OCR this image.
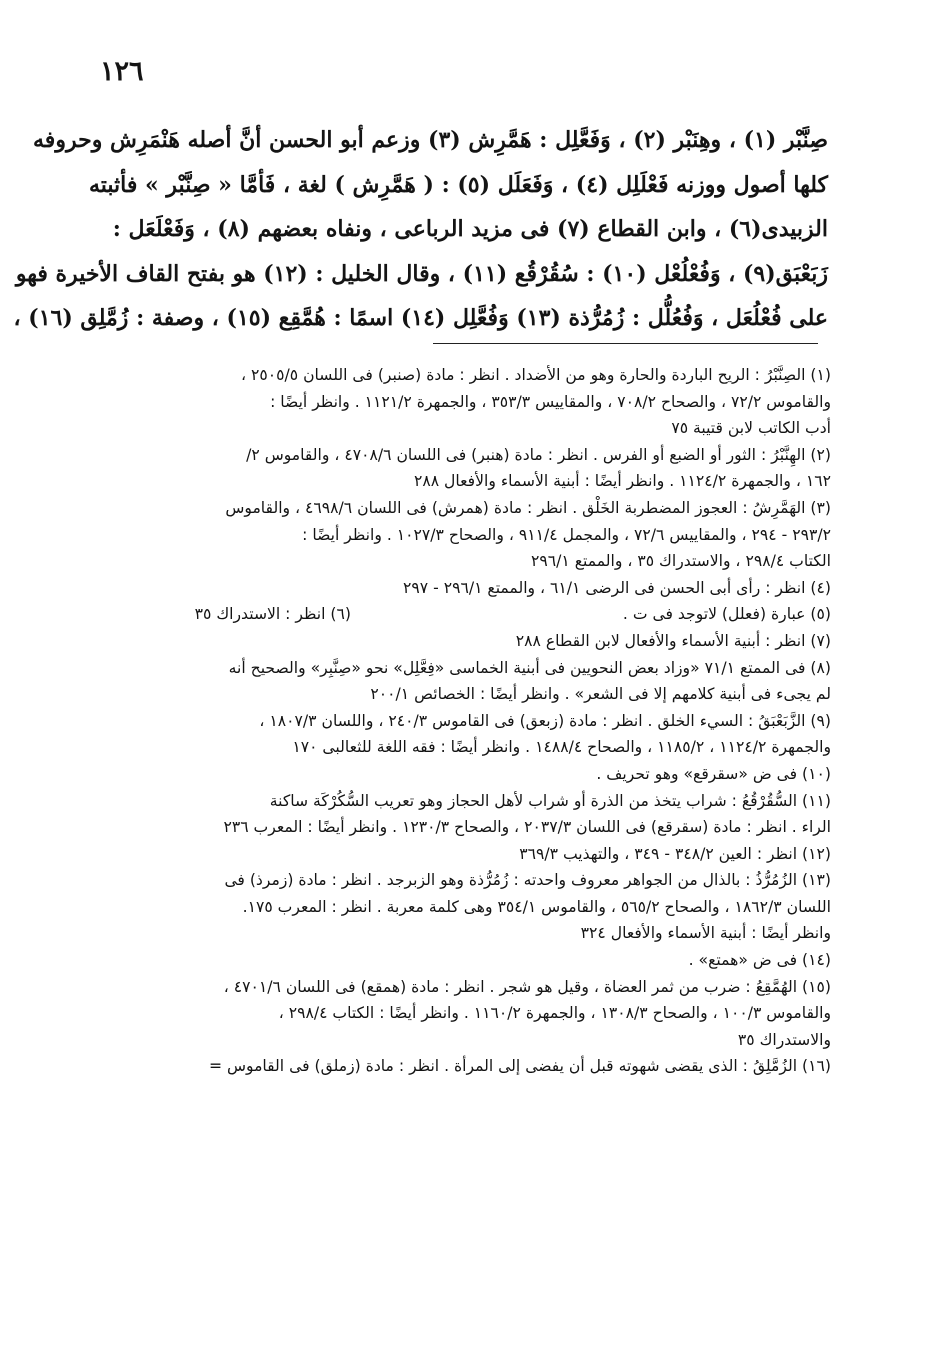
١٢٦
صِنَّبْر (١) ، وهِنَبْر (٢) ، وَفَعَّلِل : هَمَّرِش (٣) وزعم أبو الحسن أنَّ أصله هَنْمَرِش وحروفه
كلها أصول ووزنه فَعْلَلِل (٤) ، وَفَعَلَل (٥) : ( هَمَّرِش ) لغة ، فَأمَّا « صِنَّبْر » فأثبته
الزبيدى(٦) ، وابن القطاع (٧) فى مزيد الرباعى ، ونفاه بعضهم (٨) ، وَفَعْلَعَل :
زَبَعْبَق(٩) ، وَفُعْلُعْل (١٠) : سُقُرْقُع (١١) ، وقال الخليل : (١٢) هو بفتح القاف الأخيرة فهو
على فُعْلُعَل ، وَفُعُلُّل : زُمُرُّذة (١٣) وَفُعَّلِل (١٤) اسمًا : هُمَّقِع (١٥) ، وصفة : زُمَّلِق (١٦) ،
(١) الصِنَّبْرُ : الريح الباردة والحارة وهو من الأضداد . انظر : مادة (صنبر) فى اللسان ٢٥٠٥/٥ ،
والقاموس ٧٢/٢ ، والصحاح ٧٠٨/٢ ، والمقاييس ٣٥٣/٣ ، والجمهرة ١١٢١/٢ . وانظر أيضًا :
أدب الكاتب لابن قتيبة ٧٥
(٢) الهِنَّبْرُ : الثور أو الضبع أو الفرس . انظر : مادة (هنبر) فى اللسان ٤٧٠٨/٦ ، والقاموس ٢/
١٦٢ ، والجمهرة ١١٢٤/٢ . وانظر أيضًا : أبنية الأسماء والأفعال ٢٨٨
(٣) الهَمَّرِشُ : العجوز المضطربة الخَلْق . انظر : مادة (همرش) فى اللسان ٤٦٩٨/٦ ، والقاموس
٢٩٣/٢ - ٢٩٤ ، والمقاييس ٧٢/٦ ، والمجمل ٩١١/٤ ، والصحاح ١٠٢٧/٣ . وانظر أيضًا :
الكتاب ٢٩٨/٤ ، والاستدراك ٣٥ ، والممتع ٢٩٦/١
(٤) انظر : رأى أبى الحسن فى الرضى ٦١/١ ، والممتع ٢٩٦/١ - ٢٩٧
(٥) عبارة (فعلل) لاتوجد فى ت .(٦) انظر : الاستدراك ٣٥
(٧) انظر : أبنية الأسماء والأفعال لابن القطاع ٢٨٨
(٨) فى الممتع ٧١/١ «وزاد بعض النحويين فى أبنية الخماسى «فِعَّلِل» نحو «صِنَّبِر» والصحيح أنه
لم يجىء فى أبنية كلامهم إلا فى الشعر» . وانظر أيضًا : الخصائص ٢٠٠/١
(٩) الزَّبَعْبَقُ : السيء الخلق . انظر : مادة (زبعق) فى القاموس ٢٤٠/٣ ، واللسان ١٨٠٧/٣ ،
والجمهرة ١١٢٤/٢ ، ١١٨٥/٢ ، والصحاح ١٤٨٨/٤ . وانظر أيضًا : فقه اللغة للثعالبى ١٧٠
(١٠) فى ض «سقرقع» وهو تحريف .
(١١) السُّقُرْقُعُ : شراب يتخذ من الذرة أو شراب لأهل الحجاز وهو تعريب السُّكُرْكَة ساكنة
الراء . انظر : مادة (سقرقع) فى اللسان ٢٠٣٧/٣ ، والصحاح ١٢٣٠/٣ . وانظر أيضًا : المعرب ٢٣٦
(١٢) انظر : العين ٣٤٨/٢ - ٣٤٩ ، والتهذيب ٣٦٩/٣
(١٣) الزُمُرُّذُ : بالذال من الجواهر معروف واحدته : زُمُرُّذة وهو الزبرجد . انظر : مادة (زمرذ) فى
اللسان ١٨٦٢/٣ ، والصحاح ٥٦٥/٢ ، والقاموس ٣٥٤/١ وهى كلمة معربة . انظر : المعرب ١٧٥.
وانظر أيضًا : أبنية الأسماء والأفعال ٣٢٤
(١٤) فى ض «همتع» .
(١٥) الهُمَّقِعُ : ضرب من ثمر العضاة ، وقيل هو شجر . انظر : مادة (همقع) فى اللسان ٤٧٠١/٦ ،
والقاموس ١٠٠/٣ ، والصحاح ١٣٠٨/٣ ، والجمهرة ١١٦٠/٢ . وانظر أيضًا : الكتاب ٢٩٨/٤ ،
والاستدراك ٣٥
(١٦) الزُمَّلِقُ : الذى يقضى شهوته قبل أن يفضى إلى المرأة . انظر : مادة (زملق) فى القاموس =
